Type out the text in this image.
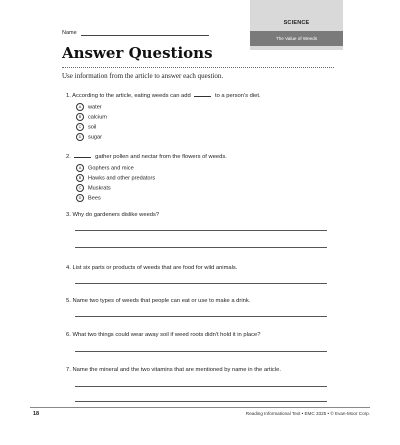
Name
SCIENCE
The Value of Weeds
Answer Questions
Use information from the article to answer each question.
1. According to the article, eating weeds can add	to a person's diet.
A water
B calcium
C soil
D sugar
2.	gather pollen and nectar from the flowers of weeds.
A Gophers and mice
B Hawks and other predators
C Muskrats
D Bees
3. Why do gardeners dislike weeds?
4. List six parts or products of weeds that are food for wild animals.
5. Name two types of weeds that people can eat or use to make a drink.
6. What two things could wear away soil if weed roots didn't hold it in place?
7. Name the mineral and the two vitamins that are mentioned by name in the article.
18	Reading Informational Text • EMC 3325 • © Evan-Moor Corp.
